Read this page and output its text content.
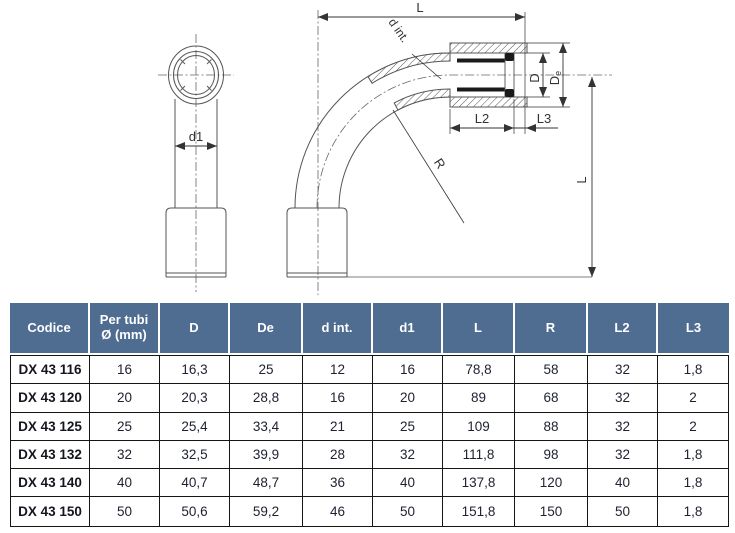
d1
L
d int.
D De
L2	L3
R
L
Codice	Per tubi Ø (mm)	D	De	d int.	d1	L	R	L2	L3
DX 43 116	16	16,3	25	12	16	78,8	58	32	1,8
DX 43 120	20	20,3	28,8	16	20	89	68	32	2
DX 43 125	25	25,4	33,4	21	25	109	88	32	2
DX 43 132	32	32,5	39,9	28	32	111,8	98	32	1,8
DX 43 140	40	40,7	48,7	36	40	137,8	120	40	1,8
DX 43 150	50	50,6	59,2	46	50	151,8	150	50	1,8
